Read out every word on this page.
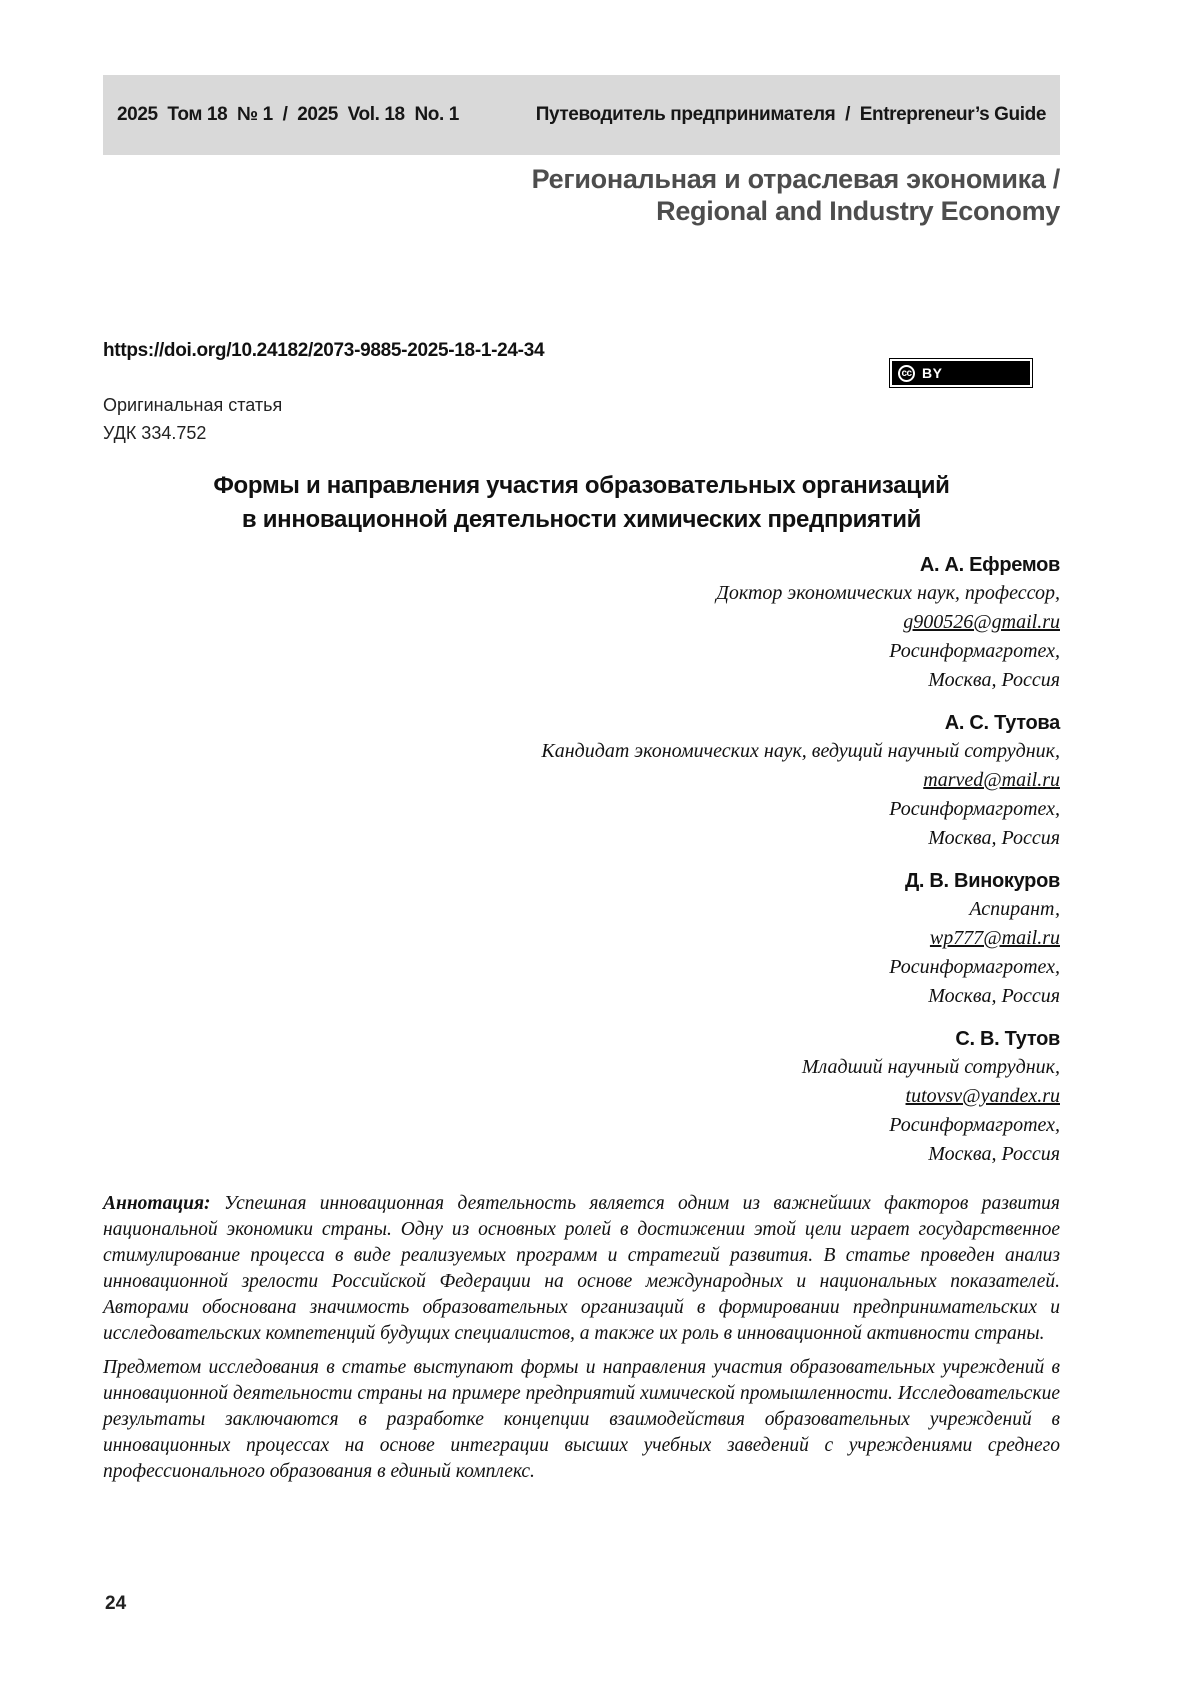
2025  Том 18  № 1  /  2025  Vol. 18  No. 1	Путеводитель предпринимателя  /  Entrepreneur’s Guide
Региональная и отраслевая экономика /
Regional and Industry Economy
https://doi.org/10.24182/2073-9885-2025-18-1-24-34
cc BY
Оригинальная статья
УДК 334.752
Формы и направления участия образовательных организаций
в инновационной деятельности химических предприятий
А. А. Ефремов
Доктор экономических наук, профессор,
g900526@gmail.ru
Росинформагротех,
Москва, Россия
А. С. Тутова
Кандидат экономических наук, ведущий научный сотрудник,
marved@mail.ru
Росинформагротех,
Москва, Россия
Д. В. Винокуров
Аспирант,
wp777@mail.ru
Росинформагротех,
Москва, Россия
С. В. Тутов
Младший научный сотрудник,
tutovsv@yandex.ru
Росинформагротех,
Москва, Россия

Аннотация: Успешная инновационная деятельность является одним из важнейших факторов развития национальной экономики страны. Одну из основных ролей в достижении этой цели играет государственное стимулирование процесса в виде реализуемых программ и стратегий развития. В статье проведен анализ инновационной зрелости Российской Федерации на основе международных и национальных показателей. Авторами обоснована значимость образовательных организаций в формировании предпринимательских и исследовательских компетенций будущих специалистов, а также их роль в инновационной активности страны.

Предметом исследования в статье выступают формы и направления участия образовательных учреждений в инновационной деятельности страны на примере предприятий химической промышленности. Исследовательские результаты заключаются в разработке концепции взаимодействия образовательных учреждений в инновационных процессах на основе интеграции высших учебных заведений с учреждениями среднего профессионального образования в единый комплекс.

24
